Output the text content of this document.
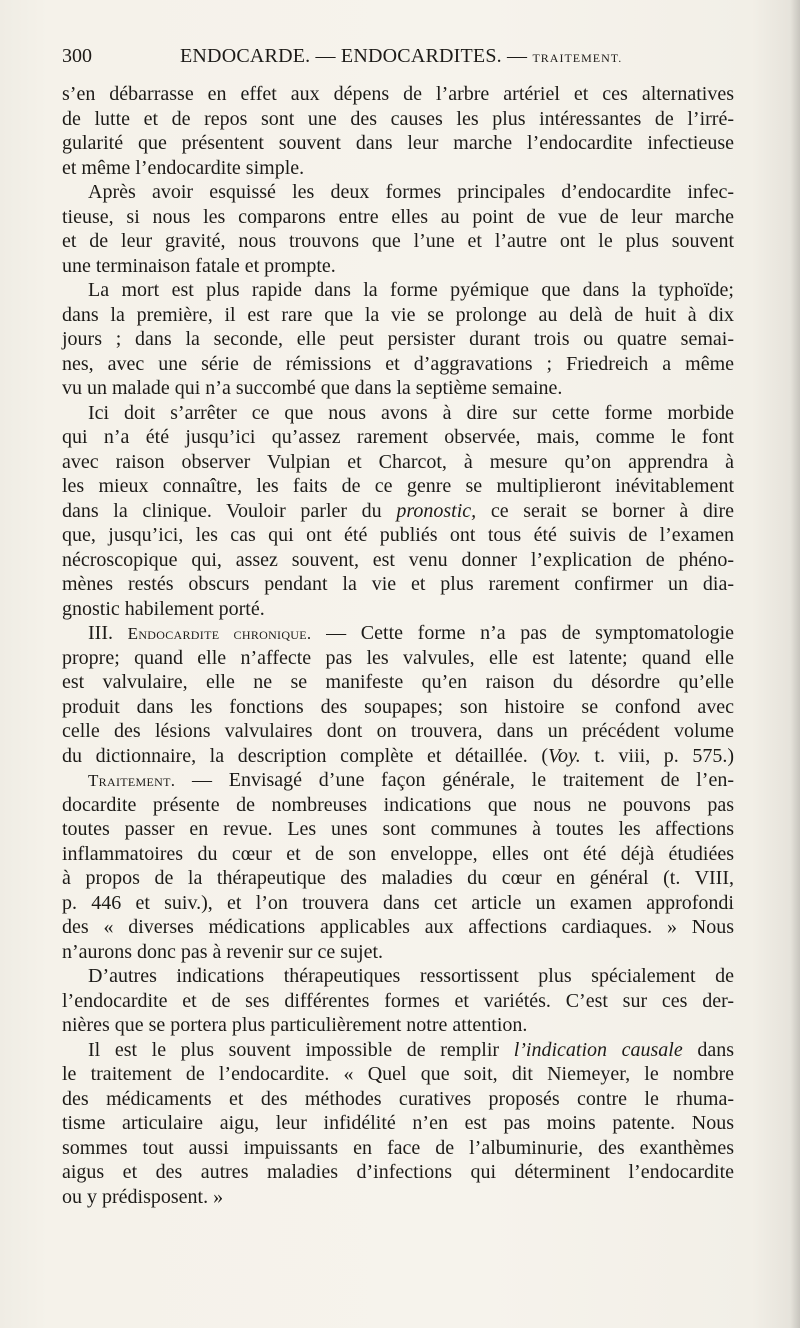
300	ENDOCARDE. — ENDOCARDITES. — TRAITEMENT.
s’en débarrasse en effet aux dépens de l’arbre artériel et ces alternatives
de lutte et de repos sont une des causes les plus intéressantes de l’irré-
gularité que présentent souvent dans leur marche l’endocardite infectieuse
et même l’endocardite simple.
Après avoir esquissé les deux formes principales d’endocardite infec-
tieuse, si nous les comparons entre elles au point de vue de leur marche
et de leur gravité, nous trouvons que l’une et l’autre ont le plus souvent
une terminaison fatale et prompte.
La mort est plus rapide dans la forme pyémique que dans la typhoïde;
dans la première, il est rare que la vie se prolonge au delà de huit à dix
jours ; dans la seconde, elle peut persister durant trois ou quatre semai-
nes, avec une série de rémissions et d’aggravations ; Friedreich a même
vu un malade qui n’a succombé que dans la septième semaine.
Ici doit s’arrêter ce que nous avons à dire sur cette forme morbide
qui n’a été jusqu’ici qu’assez rarement observée, mais, comme le font
avec raison observer Vulpian et Charcot, à mesure qu’on apprendra à
les mieux connaître, les faits de ce genre se multiplieront inévitablement
dans la clinique. Vouloir parler du pronostic, ce serait se borner à dire
que, jusqu’ici, les cas qui ont été publiés ont tous été suivis de l’examen
nécroscopique qui, assez souvent, est venu donner l’explication de phéno-
mènes restés obscurs pendant la vie et plus rarement confirmer un dia-
gnostic habilement porté.
III. Endocardite chronique. — Cette forme n’a pas de symptomatologie
propre; quand elle n’affecte pas les valvules, elle est latente; quand elle
est valvulaire, elle ne se manifeste qu’en raison du désordre qu’elle
produit dans les fonctions des soupapes; son histoire se confond avec
celle des lésions valvulaires dont on trouvera, dans un précédent volume
du dictionnaire, la description complète et détaillée. (Voy. t. viii, p. 575.)
Traitement. — Envisagé d’une façon générale, le traitement de l’en-
docardite présente de nombreuses indications que nous ne pouvons pas
toutes passer en revue. Les unes sont communes à toutes les affections
inflammatoires du cœur et de son enveloppe, elles ont été déjà étudiées
à propos de la thérapeutique des maladies du cœur en général (t. VIII,
p. 446 et suiv.), et l’on trouvera dans cet article un examen approfondi
des « diverses médications applicables aux affections cardiaques. » Nous
n’aurons donc pas à revenir sur ce sujet.
D’autres indications thérapeutiques ressortissent plus spécialement de
l’endocardite et de ses différentes formes et variétés. C’est sur ces der-
nières que se portera plus particulièrement notre attention.
Il est le plus souvent impossible de remplir l’indication causale dans
le traitement de l’endocardite. « Quel que soit, dit Niemeyer, le nombre
des médicaments et des méthodes curatives proposés contre le rhuma-
tisme articulaire aigu, leur infidélité n’en est pas moins patente. Nous
sommes tout aussi impuissants en face de l’albuminurie, des exanthèmes
aigus et des autres maladies d’infections qui déterminent l’endocardite
ou y prédisposent. »
